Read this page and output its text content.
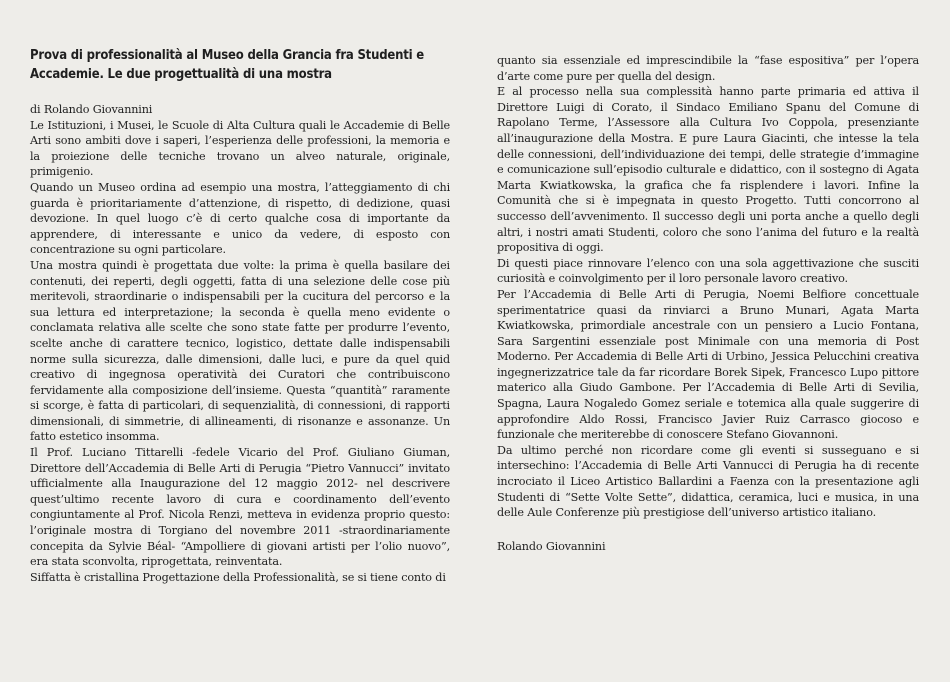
Prova di professionalità al Museo della Grancia fra Studenti e Accademie. Le due progettualità di una mostra

di Rolando Giovannini

Le Istituzioni, i Musei, le Scuole di Alta Cultura quali le Accademie di Belle Arti sono ambiti dove i saperi, l’esperienza delle professioni, la memoria e la proiezione delle tecniche trovano un alveo naturale, originale, primigenio.

Quando un Museo ordina ad esempio una mostra, l’atteggiamento di chi guarda è prioritariamente d’attenzione, di rispetto, di dedizione, quasi devozione. In quel luogo c’è di certo qualche cosa di importante da apprendere, di interessante e unico da vedere, di esposto con concentrazione su ogni particolare.

Una mostra quindi è progettata due volte: la prima è quella basilare dei contenuti, dei reperti, degli oggetti, fatta di una selezione delle cose più meritevoli, straordinarie o indispensabili per la cucitura del percorso e la sua lettura ed interpretazione; la seconda è quella meno evidente o conclamata relativa alle scelte che sono state fatte per produrre l’evento, scelte anche di carattere tecnico, logistico, dettate dalle indispensabili norme sulla sicurezza, dalle dimensioni, dalle luci, e pure da quel quid creativo di ingegnosa operatività dei Curatori che contribuiscono fervidamente alla composizione dell’insieme. Questa “quantità” raramente si scorge, è fatta di particolari, di sequenzialità, di connessioni, di rapporti dimensionali, di simmetrie, di allineamenti, di risonanze e assonanze. Un fatto estetico insomma.

Il Prof. Luciano Tittarelli -fedele Vicario del Prof. Giuliano Giuman, Direttore dell’Accademia di Belle Arti di Perugia “Pietro Vannucci” invitato ufficialmente alla Inaugurazione del 12 maggio 2012- nel descrivere quest’ultimo recente lavoro di cura e coordinamento dell’evento congiuntamente al Prof. Nicola Renzi, metteva in evidenza proprio questo: l’originale mostra di Torgiano del novembre 2011 -straordinariamente concepita da Sylvie Béal- “Ampolliere di giovani artisti per l’olio nuovo”, era stata sconvolta, riprogettata, reinventata.

Siffatta è cristallina Progettazione della Professionalità, se si tiene conto di

quanto sia essenziale ed imprescindibile la “fase espositiva” per l’opera d’arte come pure per quella del design.

E al processo nella sua complessità hanno parte primaria ed attiva il Direttore Luigi di Corato, il Sindaco Emiliano Spanu del Comune di Rapolano Terme, l’Assessore alla Cultura Ivo Coppola, presenziante all’inaugurazione della Mostra. E pure Laura Giacinti, che intesse la tela delle connessioni, dell’individuazione dei tempi, delle strategie d’immagine e comunicazione sull’episodio culturale e didattico, con il sostegno di Agata Marta Kwiatkowska, la grafica che fa risplendere i lavori. Infine la Comunità che si è impegnata in questo Progetto. Tutti concorrono al successo dell’avvenimento. Il successo degli uni porta anche a quello degli altri, i nostri amati Studenti, coloro che sono l’anima del futuro e la realtà propositiva di oggi.

Di questi piace rinnovare l’elenco con una sola aggettivazione che susciti curiosità e coinvolgimento per il loro personale lavoro creativo.

Per l’Accademia di Belle Arti di Perugia, Noemi Belfiore concettuale sperimentatrice quasi da rinviarci a Bruno Munari, Agata Marta Kwiatkowska, primordiale ancestrale con un pensiero a Lucio Fontana, Sara Sargentini essenziale post Minimale con una memoria di Post Moderno. Per Accademia di Belle Arti di Urbino, Jessica Pelucchini creativa ingegnerizzatrice tale da far ricordare Borek Sipek, Francesco Lupo pittore materico alla Giudo Gambone. Per l’Accademia di Belle Arti di Sevilia, Spagna, Laura Nogaledo Gomez seriale e totemica alla quale suggerire di approfondire Aldo Rossi, Francisco Javier Ruiz Carrasco giocoso e funzionale che meriterebbe di conoscere Stefano Giovannoni.

Da ultimo perché non ricordare come gli eventi si susseguano e si intersechino: l’Accademia di Belle Arti Vannucci di Perugia ha di recente incrociato il Liceo Artistico Ballardini a Faenza con la presentazione agli Studenti di “Sette Volte Sette”, didattica, ceramica, luci e musica, in una delle Aule Conferenze più prestigiose dell’universo artistico italiano.

Rolando Giovannini
